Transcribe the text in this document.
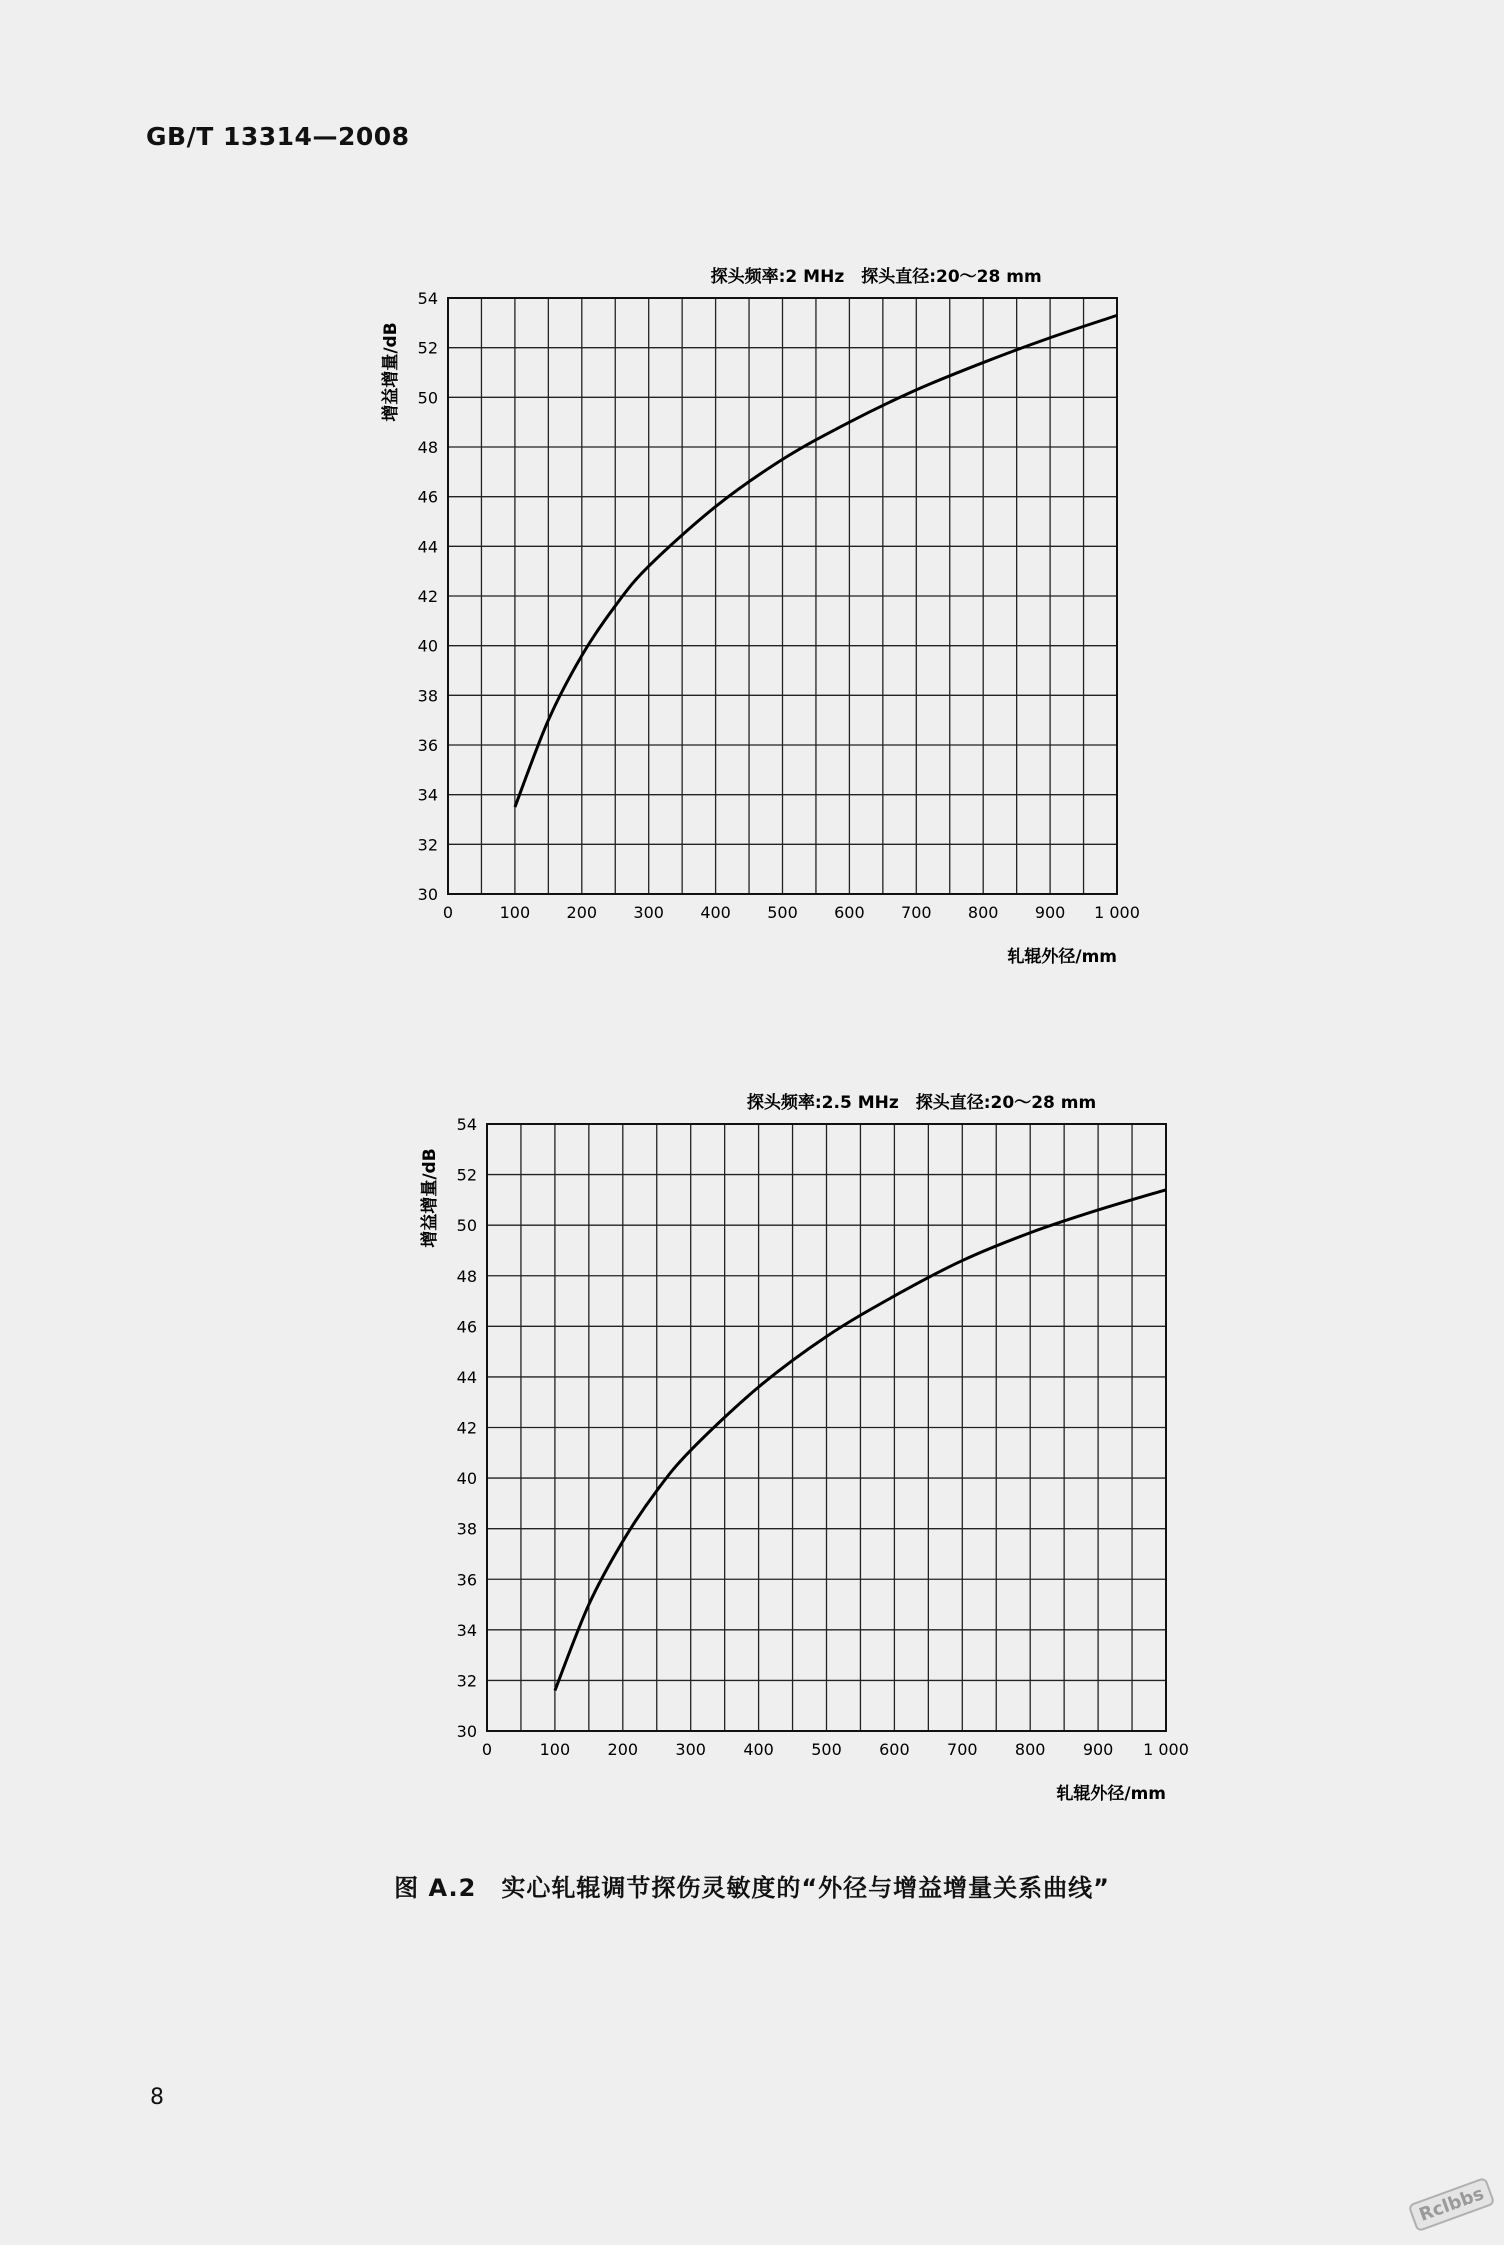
GB/T 13314—2008
30
32
34
36
38
40
42
44
46
48
50
52
54
0	100 200 300 400 500 600 700 800 900 1 000
探头频率:2 MHz　探头直径:20～28 mm
轧辊外径/mm
增益增量/dB
30
32
34
36
38
40
42
44
46
48
50
52
54
0	100 200 300 400 500 600 700 800 900 1 000
探头频率:2.5 MHz　探头直径:20～28 mm
轧辊外径/mm
增益增量/dB
图 A.2　实心轧辊调节探伤灵敏度的“外径与增益增量关系曲线”
8
Rclbbs
